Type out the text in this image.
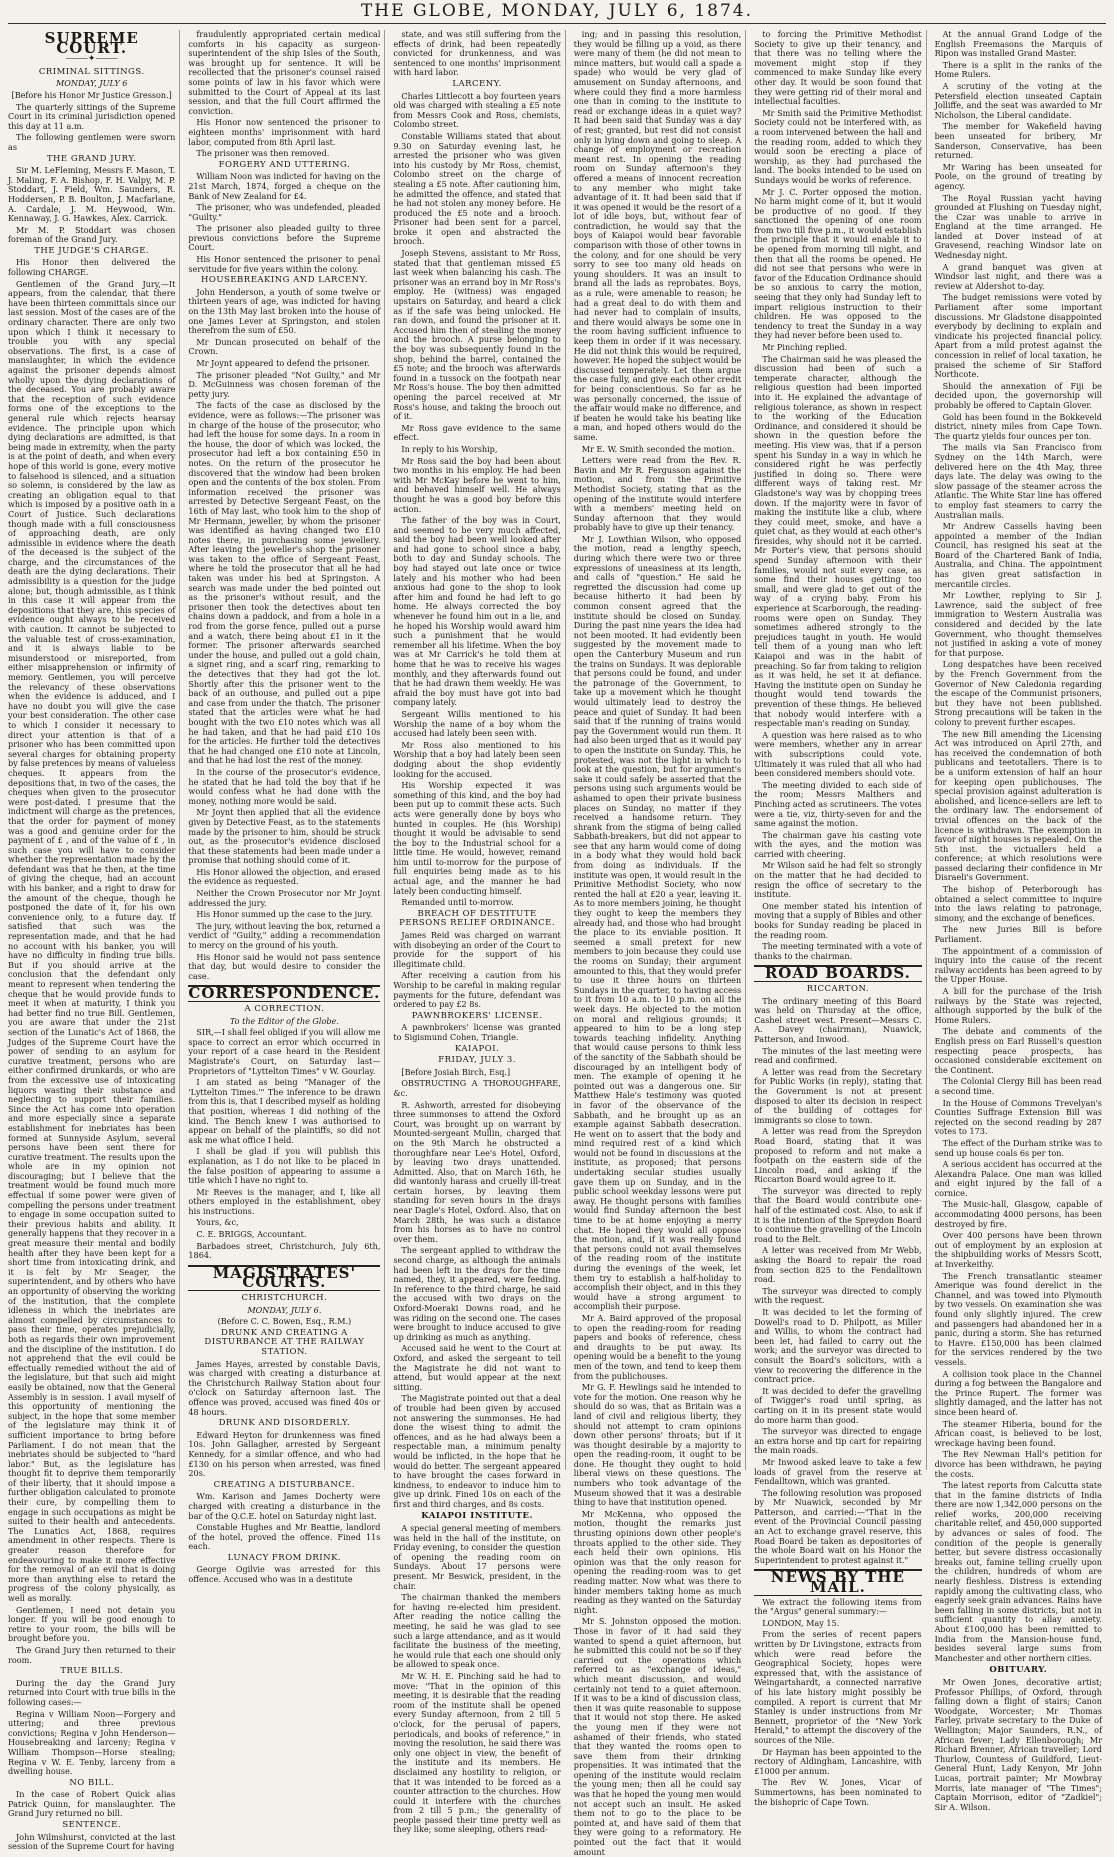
THE GLOBE, MONDAY, JULY 6, 1874.
SUPREME COURT.
⸻✦⸻
CRIMINAL SITTINGS.
MONDAY, JULY 6
[Before his Honor Mr Justice Gresson.]

The quarterly sittings of the Supreme Court in its criminal jurisdiction opened this day at 11 a.m.

The following gentlemen were sworn as

THE GRAND JURY.

Sir M. LeFleming, Messrs F. Mason, T. J. Maling, F. A. Bishop, F. H. Valpy, M. P. Stoddart, J. Field, Wm. Saunders, R. Hoddersen, P. B. Boulton, J. Macfarlane, A. Cardale, J. M. Heywood, Wm. Kennaway, J. G. Hawkes, Alex. Carrick.

Mr M. P. Stoddart was chosen foreman of the Grand Jury.

THE JUDGE'S CHARGE.

His Honor then delivered the following CHARGE.

Gentlemen of the Grand Jury,—It appears, from the calendar, that there have been thirteen committals since our last session. Most of the cases are of the ordinary character. There are only two upon which I think it necessary to trouble you with any special observations. The first, is a case of manslaughter, in which the evidence against the prisoner depends almost wholly upon the dying declarations of the deceased. You are probably aware that the reception of such evidence forms one of the exceptions to the general rule which rejects hearsay evidence. The principle upon which dying declarations are admitted, is that being made in extremity, when the party is at the point of death, and when every hope of this world is gone, every motive to falsehood is silenced, and a situation so solemn, is considered by the law as creating an obligation equal to that which is imposed by a positive oath in a Court of Justice. Such declarations though made with a full consciousness of approaching death, are only admissible in evidence where the death of the deceased is the subject of the charge, and the circumstances of the death are the dying declarations. Their admissibility is a question for the judge alone; but, though admissible, as I think in this case it will appear from the depositions that they are, this species of evidence ought always to be received with caution. It cannot be subjected to the valuable test of cross-examination, and it is always liable to be misunderstood or misreported, from either misapprehension or infirmity of memory. Gentlemen, you will perceive the relevancy of these observations when the evidence is adduced, and I have no doubt you will give the case your best consideration. The other case to which I consider it necessary to direct your attention is that of a prisoner who has been committed upon several charges for obtaining property by false pretences by means of valueless cheques. It appears from the depositions that, in two of the cases, the cheques when given to the prosecutor were post-dated. I presume that the indictment will charge as the pretences, that the order for payment of money was a good and genuine order for the payment of £ , and of the value of £ , in such case you will have to consider whether the representation made by the defendant was that he then, at the time of giving the cheque, had an account with his banker, and a right to draw for the amount of the cheque, though he postponed the date of it, for his own convenience only, to a future day. If satisfied that such was the representation made, and that he had no account with his banker, you will have no difficulty in finding true bills. But if you should arrive at the conclusion that the defendant only meant to represent when tendering the cheque that he would provide funds to meet it when at maturity, I think you had better find no true Bill. Gentlemen, you are aware that under the 21st section of the Lunatic's Act of 1868, the Judges of the Supreme Court have the power of sending to an asylum for curative treatment, persons who are either confirmed drunkards, or who are from the excessive use of intoxicating liquors wasting their substance and neglecting to support their families. Since the Act has come into operation and more especially since a separate establishment for inebriates has been formed at Sunnyside Asylum, several persons have been sent there for curative treatment. The results upon the whole are in my opinion not discouraging; but I believe that the treatment would be found much more effectual if some power were given of compelling the persons under treatment to engage in some occupation suited to their previous habits and ability. It generally happens that they recover in a great measure their mental and bodily health after they have been kept for a short time from intoxicating drink, and it is felt by Mr Seager, the superintendent, and by others who have an opportunity of observing the working of the institution, that the complete idleness in which the inebriates are almost compelled by circumstances to pass their time, operates prejudicially, both as regards their own improvement and the discipline of the institution. I do not apprehend that the evil could be effectually remedied without the aid of the legislature, but that such aid might easily be obtained, now that the General Assembly is in session. I avail myself of this opportunity of mentioning the subject, in the hope that some member of the legislature may think it of sufficient importance to bring before Parliament. I do not mean that the inebriates should be subjected to "hard labor." But, as the legislature has thought fit to deprive them temporarily of their liberty, that it should impose a further obligation calculated to promote their cure, by compelling them to engage in such occupations as might be suited to their health and antecedents. The Lunatics Act, 1868, requires amendment in other respects. There is greater reason therefore for endeavouring to make it more effective for the removal of an evil that is doing more than anything else to retard the progress of the colony physically, as well as morally.

Gentlemen, I need not detain you longer. If you will be good enough to retire to your room, the bills will be brought before you.

The Grand Jury then returned to their room.

TRUE BILLS.

During the day the Grand Jury returned into Court with true bills in the following cases:—

Regina v William Noon—Forgery and uttering; and three previous convictions; Regina v John Henderson—Housebreaking and larceny; Regina v William Thompson—Horse stealing; Regina v W. E. Tenby, larceny from a dwelling house.

NO BILL.

In the case of Robert Quick alias Patrick Quinn, for manslaughter. The Grand Jury returned no bill.

SENTENCE.

John Wilmshurst, convicted at the last session of the Supreme Court for having

fraudulently appropriated certain medical comforts in his capacity as surgeon-superintendent of the ship Isles of the South, was brought up for sentence. It will be recollected that the prisoner's counsel raised some points of law in his favor which were submitted to the Court of Appeal at its last session, and that the full Court affirmed the conviction.

His Honor now sentenced the prisoner to eighteen months' imprisonment with hard labor, computed from 8th April last.

The prisoner was then removed.

FORGERY AND UTTERING.

William Noon was indicted for having on the 21st March, 1874, forged a cheque on the Bank of New Zealand for £4.

The prisoner, who was undefended, pleaded "Guilty."

The prisoner also pleaded guilty to three previous convictions before the Supreme Court.

His Honor sentenced the prisoner to penal servitude for five years within the colony.

HOUSEBREAKING AND LARCENY.

John Henderson, a youth of some twelve or thirteen years of age, was indicted for having on the 13th May last broken into the house of one James Lever at Springston, and stolen therefrom the sum of £50.

Mr Duncan prosecuted on behalf of the Crown.

Mr Joynt appeared to defend the prisoner.

The prisoner pleaded "Not Guilty," and Mr D. McGuinness was chosen foreman of the petty jury.

The facts of the case as disclosed by the evidence, were as follows:—The prisoner was in charge of the house of the prosecutor, who had left the house for some days. In a room in the house, the door of which was locked, the prosecutor had left a box containing £50 in notes. On the return of the prosecutor he discovered that the window had been broken open and the contents of the box stolen. From information received the prisoner was arrested by Detective Sergeant Feast, on the 16th of May last, who took him to the shop of Mr Hermann, jeweller, by whom the prisoner was identified as having changed two £10 notes there, in purchasing some jewellery. After leaving the jeweller's shop the prisoner was taken to the office of Sergeant Feast, where he told the prosecutor that all he had taken was under his bed at Springston. A search was made under the bed pointed out as the prisoner's without result, and the prisoner then took the detectives about ten chains down a paddock, and from a hole in a rod from the gorse fence, pulled out a purse and a watch, there being about £1 in it the former. The prisoner afterwards searched under the house, and pulled out a gold chain, a signet ring, and a scarf ring, remarking to the detectives that they had got the lot. Shortly after this the prisoner went to the back of an outhouse, and pulled out a pipe and case from under the thatch. The prisoner stated that the articles were what he had bought with the two £10 notes which was all he had taken, and that he had paid £10 10s for the articles. He further told the detectives that he had changed one £10 note at Lincoln, and that he had lost the rest of the money.

In the course of the prosecutor's evidence, he stated that he had told the boy that if he would confess what he had done with the money, nothing more would be said.

Mr Joynt then applied that all the evidence given by Detective Feast, as to the statements made by the prisoner to him, should be struck out, as the prosecutor's evidence disclosed that these statements had been made under a promise that nothing should come of it.

His Honor allowed the objection, and erased the evidence as requested.

Neither the Crown Prosecutor nor Mr Joynt addressed the jury.

His Honor summed up the case to the jury.

The jury, without leaving the box, returned a verdict of "Guilty," adding a recommendation to mercy on the ground of his youth.

His Honor said he would not pass sentence that day, but would desire to consider the case.

CORRESPONDENCE.
A CORRECTION.
To the Editor of the Globe.

SIR,—I shall feel obliged if you will allow me space to correct an error which occurred in your report of a case heard in the Resident Magistrate's Court, on Saturday last—Proprietors of "Lyttelton Times" v W. Gourlay.

I am stated as being "Manager of the 'Lyttelton Times.'" The inference to be drawn from this is, that I described myself as holding that position, whereas I did nothing of the kind. The Bench knew I was authorised to appear on behalf of the plaintiffs, so did not ask me what office I held.

I shall be glad if you will publish this explanation, as I do not like to be placed in the false position of appearing to assume a title which I have no right to.

Mr Reeves is the manager, and I, like all others employed in the establishment, obey his instructions.

Yours, &c,

C. E. BRIGGS, Accountant.

Barbadoes street, Christchurch, July 6th, 1864.

MAGISTRATES' COURTS.
CHRISTCHURCH.
MONDAY, JULY 6.
(Before C. C. Bowen, Esq., R.M.)

DRUNK AND CREATING A DISTURBANCE AT THE RAILWAY STATION.

James Hayes, arrested by constable Davis, was charged with creating a disturbance at the Christchurch Railway Station about four o'clock on Saturday afternoon last. The offence was proved, accused was fined 40s or 48 hours.

DRUNK AND DISORDERLY.

Edward Heyton for drunkenness was fined 10s. John Gallagher, arrested by Sergeant Kennedy, for a similar offence, and who had £130 on his person when arrested, was fined 20s.

CREATING A DISTURBANCE.

Wm. Karison and James Docherty were charged with creating a disturbance in the bar of the Q.C.E. hotel on Saturday night last.

Constable Hughes and Mr Beattie, landlord of the hotel, proved the offence. Fined 11s each.

LUNACY FROM DRINK.

George Ogilvie was arrested for this offence. Accused who was in a destitute

state, and was still suffering from the effects of drink, had been repeatedly convicted for drunkenness, and was sentenced to one months' imprisonment with hard labor.

LARCENY.

Charles Littlecott a boy fourteen years old was charged with stealing a £5 note from Messrs Cook and Ross, chemists, Colombo street.

Constable Williams stated that about 9.30 on Saturday evening last, he arrested the prisoner who was given into his custody by Mr Ross, chemist, Colombo street on the charge of stealing a £5 note. After cautioning him, he admitted the offence, and stated that he had not stolen any money before. He produced the £5 note and a brooch. Prisoner had been sent for a parcel, broke it open and abstracted the brooch.

Joseph Stevens, assistant to Mr Ross, stated that that gentleman missed £5 last week when balancing his cash. The prisoner was an errand boy in Mr Ross's employ. He (witness) was engaged upstairs on Saturday, and heard a click as if the safe was being unlocked. He ran down, and found the prisoner at it. Accused him then of stealing the money and the brooch. A purse belonging to the boy was subsequently found in the shop, behind the barrel, contained the £5 note; and the brooch was afterwards found in a tussock on the footpath near Mr Ross's house. The boy then admitted opening the parcel received at Mr Ross's house, and taking the brooch out of it.

Mr Ross gave evidence to the same effect.

In reply to his Worship,

Mr Ross said the boy had been about two months in his employ. He had been with Mr McKay before he went to him, and behaved himself well. He always thought he was a good boy before this action.

The father of the boy was in Court, and seemed to be very much affected, said the boy had been well looked after and had gone to school since a baby, both to day and Sunday schools. The boy had stayed out late once or twice lately and his mother who had been anxious had gone to the shop to look after him and found he had left to go home. He always corrected the boy whenever he found him out in a lie, and he hoped his Worship would award him such a punishment that he would remember all his lifetime. When the boy was at Mr Carrick's he told them at home that he was to receive his wages monthly, and they afterwards found out that he had drawn them weekly. He was afraid the boy must have got into bad company lately.

Sergeant Willis mentioned to his Worship the name of a boy whom the accused had lately been seen with.

Mr Ross also mentioned to his Worship that a boy had lately been seen dodging about the shop evidently looking for the accused.

His Worship expected it was something of this kind, and the boy had been put up to commit these acts. Such acts were generally done by boys who hunted in couples. He (his Worship) thought it would be advisable to send the boy to the Industrial school for a little time. He would, however, remand him until to-morrow for the purpose of full enquiries being made as to his actual age, and the manner he had lately been conducting himself.

Remanded until to-morrow.

BREACH OF DESTITUTE PERSONS RELIEF ORDINANCE.

James Reid was charged on warrant with disobeying an order of the Court to provide for the support of his illegitimate child.

After receiving a caution from his Worship to be careful in making regular payments for the future, defendant was ordered to pay £2 8s.

PAWNBROKERS' LICENSE.

A pawnbrokers' license was granted to Sigismund Cohen, Triangle.

KAIAPOI.

FRIDAY, JULY 3.

[Before Josiah Birch, Esq.]

OBSTRUCTING A THOROUGHFARE, &c.

R. Ashworth, arrested for disobeying three summonses to attend the Oxford Court, was brought up on warrant by Mounted-sergeant Mullin, charged that on the 9th March he obstructed a thoroughfare near Lee's Hotel, Oxford, by leaving two drays unattended. Admitted. Also, that on March 16th, he did wantonly harass and cruelly ill-treat certain horses, by leaving them standing for seven hours in the drays near Dagle's Hotel, Oxford. Also, that on March 28th, he was such a distance from his horses as to have no control over them.

The sergeant applied to withdraw the second charge, as although the animals had been left in the drays for the time named, they, it appeared, were feeding. In reference to the third charge, he said the accused with two drays on the Oxford-Moeraki Downs road, and he was riding on the second one. The cases were brought to induce accused to give up drinking as much as anything.

Accused said he went to the Court at Oxford, and asked the sergeant to tell the Magistrate he did not want to attend, but would appear at the next sitting.

The Magistrate pointed out that a deal of trouble had been given by accused not answering the summonses. He had done the wisest thing to admit the offences, and as he had always been a respectable man, a minimum penalty would be inflicted, in the hope that he would do better. The sergeant appeared to have brought the cases forward in kindness, to endeavor to induce him to give up drink. Fined 10s on each of the first and third charges, and 8s costs.

KAIAPOI INSTITUTE.

A special general meeting of members was held in the hall of the institute, on Friday evening, to consider the question of opening the reading room on Sundays. About 17 persons were present. Mr Beswick, president, in the chair.

The chairman thanked the members for having re-elected him president. After reading the notice calling the meeting, he said he was glad to see such a large attendance, and as it would facilitate the business of the meeting, he would rule that each one should only be allowed to speak once.

Mr W. H. E. Pinching said he had to move: "That in the opinion of this meeting, it is desirable that the reading room of the institute shall be opened every Sunday afternoon, from 2 till 5 o'clock, for the perusal of papers, periodicals, and books of reference," in moving the resolution, he said there was only one object in view, the benefit of the institute and its members. He disclaimed any hostility to religion, or that it was intended to be forced as a counter attraction to the churches. How could it interfere with the churches from 2 till 5 p.m.; the generality of people passed their time pretty well as they like; some sleeping, others read-

ing; and in passing this resolution, they would be filling up a void, as there were many of them (he did not mean to mince matters, but would call a spade a spade) who would be very glad of amusement on Sunday afternoons, and where could they find a more harmless one than in coming to the institute to read or exchange ideas in a quiet way? It had been said that Sunday was a day of rest; granted, but rest did not consist only in lying down and going to sleep. A change of employment or recreation meant rest. In opening the reading room on Sunday afternoon's they offered a means of innocent recreation to any member who might take advantage of it. It had been said that if it was opened it would be the resort of a lot of idle boys, but, without fear of contradiction, he would say that the boys of Kaiapoi would bear favorable comparison with those of other towns in the colony, and for one should be very sorry to see too many old heads on young shoulders. It was an insult to brand all the lads as reprobates. Boys, as a rule, were amenable to reason; he had a great deal to do with them and had never had to complain of insults, and there would always be some one in the room having sufficient influence to keep them in order if it was necessary. He did not think this would be required, however. He hoped the subject would be discussed temperately. Let them argue the case fully, and give each other credit for being conscientious. So far as he was personally concerned, the issue of the affair would make no difference, and if beaten he would take his beating like a man, and hoped others would do the same.

Mr E. W. Smith seconded the motion.

Letters were read from the Rev. R. Bavin and Mr R. Fergusson against the motion, and from the Primitive Methodist Society, stating that as the opening of the institute would interfere with a members' meeting held on Sunday afternoon that they would probably have to give up their tenancy.

Mr J. Lowthian Wilson, who opposed the motion, read a lengthy speech, during which there were two or three expressions of uneasiness at its length, and calls of "question." He said he regretted the discussion had come up because hitherto it had been by common consent agreed that the institute should be closed on Sunday. During the past nine years the idea had not been mooted. It had evidently been suggested by the movement made to open the Canterbury Museum and run the trains on Sundays. It was deplorable that persons could be found, and under the patronage of the Government, to take up a movement which he thought would ultimately lead to destroy the peace and quiet of Sunday. It had been said that if the running of trains would pay the Government would run them. It had also been urged that as it would pay to open the institute on Sunday. This, he protested, was not the light in which to look at the question, but for argument's sake it could safely be asserted that the persons using such arguments would be ashamed to open their private business places on Sunday, no matter if they received a handsome return. They shrank from the stigma of being called Sabbath-breakers, but did not appear to see that any harm would come of doing in a body what they would hold back from doing as individuals. If the institute was open, it would result in the Primitive Methodist Society, who now rented the hall at £20 a year, leaving it. As to more members joining, he thought they ought to keep the members they already had, and those who had brought the place to its enviable position. It seemed a small pretext for new members to join because they could use the rooms on Sunday; their argument amounted to this, that they would prefer to use it three hours on thirteen Sundays in the quarter, to having access to it from 10 a.m. to 10 p.m. on all the week days. He objected to the motion on moral and religious grounds; it appeared to him to be a long step towards teaching infidelity. Anything that would cause persons to think less of the sanctity of the Sabbath should be discouraged by an intelligent body of men. The example of opening it he pointed out was a dangerous one. Sir Matthew Hale's testimony was quoted in favor of the observance of the Sabbath, and he brought up as an example against Sabbath desecration. He went on to assert that the body and mind required rest of a kind which would not be found in discussions at the institute, as proposed; that persons undertaking secular studies usually gave them up on Sunday, and in the public school weekday lessons were put away. He thought persons with families would find Sunday afternoon the best time to be at home enjoying a merry chat. He hoped they would all oppose the motion, and, if it was really found that persons could not avail themselves of the reading room of the institute during the evenings of the week, let them try to establish a half-holiday to accomplish their object, and in this they would have a strong argument to accomplish their purpose.

Mr A. Baird approved of the proposal to open the reading-room for reading papers and books of reference, chess and draughts to be put away. Its opening would be a benefit to the young men of the town, and tend to keep them from the publichouses.

Mr G. F. Hewlings said he intended to vote for the motion. One reason why he should do so was, that as Britain was a land of civil and religious liberty, they should not attempt to cram opinions down other persons' throats; but if it was thought desirable by a majority to open the reading-room, it ought to be done. He thought they ought to hold liberal views on these questions. The numbers who took advantage of the Museum showed that it was a desirable thing to have that institution opened.

Mr McKenna, who opposed the motion, thought the remarks just thrusting opinions down other people's throats applied to the other side. They each held their own opinions. His opinion was that the only reason for opening the reading-room was to get reading matter. Now what was there to hinder members taking home as much reading as they wanted on the Saturday night.

Mr S. Johnston opposed the motion. Those in favor of it had said they wanted to spend a quiet afternoon, but he submitted this could not be so if they carried out the operations which referred to as "exchange of ideas," which meant discussion, and would certainly not tend to a quiet afternoon. If it was to be a kind of discussion class, then it was quite reasonable to suppose that it would not stop there. He asked the young men if they were not ashamed of their friends, who stated that they wanted the rooms open to save them from their drinking propensities. It was intimated that the opening of the institute would reclaim the young men; then all he could say was that he hoped the young men would not accept such an insult. He asked them not to go to the place to be pointed at, and have said of them that they were going to a reformatory. He pointed out the fact that it would amount

to forcing the Primitive Methodist Society to give up their tenancy, and that there was no telling where the movement might stop if they commenced to make Sunday like every other day. It would be soon found that they were getting rid of their moral and intellectual faculties.

Mr Smith said the Primitive Methodist Society could not be interfered with, as a room intervened between the hall and the reading room, added to which they would soon be erecting a place of worship, as they had purchased the land. The books intended to be used on Sundays would be works of reference.

Mr J. C. Porter opposed the motion. No harm might come of it, but it would be productive of no good. If they sanctioned the opening of one room from two till five p.m., it would establish the principle that it would enable it to be opened from morning till night, and then that all the rooms be opened. He did not see that persons who were in favor of the Education Ordinance should be so anxious to carry the motion, seeing that they only had Sunday left to impart religious instruction to their children. He was opposed to the tendency to treat the Sunday in a way they had never before been used to.

Mr Pinching replied.

The Chairman said he was pleased the discussion had been of such a temperate character, although the religious question had been imported into it. He explained the advantage of religious tolerance, as shown in respect to the working of the Education Ordinance, and considered it should be shown in the question before the meeting. His view was, that if a person spent his Sunday in a way in which he considered right he was perfectly justified in doing so. There were different ways of taking rest. Mr Gladstone's way was by chopping trees down. If the majority were in favor of making the institute like a club, where they could meet, smoke, and have a quiet chat, as they would at each other's firesides, why should not it be carried. Mr Porter's view, that persons should spend Sunday afternoon with their families, would not suit every case, as some find their houses getting too small, and were glad to get out of the way of a crying baby. From his experience at Scarborough, the reading-rooms were open on Sunday. They sometimes adhered strongly to the prejudices taught in youth. He would tell them of a young man who left Kaiapoi and was in the habit of preaching. So far from taking to religion as it was held, he set it at defiance. Having the institute open on Sunday he thought would tend towards the prevention of these things. He believed that nobody would interfere with a respectable man's reading on Sunday.

A question was here raised as to who were members, whether any in arrear with subscriptions could vote. Ultimately it was ruled that all who had been considered members should vote.

The meeting divided to each side of the room; Messrs Malthers and Pinching acted as scrutineers. The votes were a tie, viz, thirty-seven for and the same against the motion.

The chairman gave his casting vote with the ayes, and the motion was carried with cheering.

Mr Wilson said he had felt so strongly on the matter that he had decided to resign the office of secretary to the institute.

One member stated his intention of moving that a supply of Bibles and other books for Sunday reading be placed in the reading room.

The meeting terminated with a vote of thanks to the chairman.

ROAD BOARDS.
RICCARTON.

The ordinary meeting of this Board was held on Thursday at the office, Cashel street west. Present—Messrs C. A. Davey (chairman), Nuawick, Patterson, and Inwood.

The minutes of the last meeting were read and confirmed.

A letter was read from the Secretary for Public Works (in reply), stating that the Government is not at present disposed to alter its decision in respect of the building of cottages for immigrants so close to town.

A letter was read from the Spreydon Road Board, stating that it was proposed to reform and not make a footpath on the eastern side of the Lincoln road, and asking if the Riccarton Board would agree to it.

The surveyor was directed to reply that the Board would contribute one-half of the estimated cost. Also, to ask if it is the intention of the Spreydon Board to continue the gravelling of the Lincoln road to the Belt.

A letter was received from Mr Webb, asking the Board to repair the road from section 825 to the Fendalltown road.

The surveyor was directed to comply with the request.

It was decided to let the forming of Dowell's road to D. Philpott, as Miller and Willis, to whom the contract had been let, had failed to carry out the work; and the surveyor was directed to consult the Board's solicitors, with a view to recovering the difference in the contract price.

It was decided to defer the gravelling of Twigger's road until spring, as carting on it in its present state would do more harm than good.

The surveyor was directed to engage an extra horse and tip cart for repairing the main roads.

Mr Inwood asked leave to take a few loads of gravel from the reserve at Fendalltown, which was granted.

The following resolution was proposed by Mr Nuawick, seconded by Mr Patterson, and carried:—"That in the event of the Provincial Council passing an Act to exchange gravel reserve, this Road Board be taken as depositories of the whole Board wait on his Honor the Superintendent to protest against it."

NEWS BY THE MAIL.

We extract the following items from the "Argus" general summary:—

LONDON, May 15.

From the series of recent papers written by Dr Livingstone, extracts from which were read before the Geographical Society, hopes were expressed that, with the assistance of Weingartshardt, a connected narrative of his late history might possibly be compiled. A report is current that Mr Stanley is under instructions from Mr Bennett, proprietor of the "New York Herald," to attempt the discovery of the sources of the Nile.

Dr Hayman has been appointed to the rectory of Aldingham, Lancashire, with £1000 per annum.

The Rev W. Jones, Vicar of Summertowns, has been nominated to the bishopric of Cape Town.

At the annual Grand Lodge of the English Freemasons the Marquis of Ripon was installed Grand Master.

There is a split in the ranks of the Home Rulers.

A scrutiny of the voting at the Petersfield election unseated Captain Jolliffe, and the seat was awarded to Mr Nicholson, the Liberal candidate.

The member for Wakefield having been unseated for bribery, Mr Sanderson, Conservative, has been returned.

Mr Waring has been unseated for Poole, on the ground of treating by agency.

The Royal Russian yacht having grounded at Flushing on Tuesday night, the Czar was unable to arrive in England at the time arranged. He landed at Dover instead of at Gravesend, reaching Windsor late on Wednesday night.

A grand banquet was given at Windsor last night, and there was a review at Aldershot to-day.

The budget remissions were voted by Parliament after some important discussions. Mr Gladstone disappointed everybody by declining to explain and vindicate his projected financial policy. Apart from a mild protest against the concession in relief of local taxation, he praised the scheme of Sir Stafford Northcote.

Should the annexation of Fiji be decided upon, the governorship will probably be offered to Captain Glover.

Gold has been found in the Bokkeveld district, ninety miles from Cape Town. The quartz yields four ounces per ton.

The mails via San Francisco from Sydney on the 14th March, were delivered here on the 4th May, three days late. The delay was owing to the slow passage of the steamer across the Atlantic. The White Star line has offered to employ fast steamers to carry the Australian mails.

Mr Andrew Cassells having been appointed a member of the Indian Council, has resigned his seat at the Board of the Chartered Bank of India, Australia, and China. The appointment has given great satisfaction in mercantile circles.

Mr Lowther, replying to Sir J. Lawrence, said the subject of free immigration to Western Australia was considered and decided by the late Government, who thought themselves not justified in asking a vote of money for that purpose.

Long despatches have been received by the French Government from the Governor of New Caledonia regarding the escape of the Communist prisoners, but they have not been published. Strong precautions will be taken in the colony to prevent further escapes.

The new Bill amending the Licensing Act was introduced on April 27th, and has received the condemnation of both publicans and teetotallers. There is to be a uniform extension of half an hour for keeping open publichouses. The special provision against adulteration is abolished, and licence-sellers are left to the ordinary law. The endorsement of trivial offences on the back of the licence is withdrawn. The exemption in favor of night houses is repealed. On the 5th inst. the victuallers held a conference; at which resolutions were passed declaring their confidence in Mr Disraeli's Government.

The bishop of Peterborough has obtained a select committee to inquire into the laws relating to patronage, simony, and the exchange of benefices.

The new Juries Bill is before Parliament.

The appointment of a commission of inquiry into the cause of the recent railway accidents has been agreed to by the Upper House.

A bill for the purchase of the Irish railways by the State was rejected, although supported by the bulk of the Home Rulers.

The debate and comments of the English press on Earl Russell's question respecting peace prospects, has occasioned considerable excitement on the Continent.

The Colonial Clergy Bill has been read a second time.

In the House of Commons Trevelyan's Counties Suffrage Extension Bill was rejected on the second reading by 287 votes to 173.

The effect of the Durham strike was to send up house coals 6s per ton.

A serious accident has occurred at the Alexandra Palace. One man was killed and eight injured by the fall of a cornice.

The Music-hall, Glasgow, capable of accommodating 4000 persons, has been destroyed by fire.

Over 400 persons have been thrown out of employment by an explosion at the shipbuilding works of Messrs Scott, at Inverkeithy.

The French transatlantic steamer Amerique was found derelict in the Channel, and was towed into Plymouth by two vessels. On examination she was found only slightly injured. The crew and passengers had abandoned her in a panic, during a storm. She has returned to Havre. £150,000 has been claimed for the services rendered by the two vessels.

A collision took place in the Channel during a fog between the Bangalore and the Prince Rupert. The former was slightly damaged, and the latter has not since been heard of.

The steamer Hiberia, bound for the African coast, is believed to be lost, wreckage having been found.

The Rev Newman Hall's petition for divorce has been withdrawn, he paying the costs.

The latest reports from Calcutta state that in the famine districts of India there are now 1,342,000 persons on the relief works, 200,000 receiving charitable relief, and 450,000 supported by advances or sales of food. The condition of the people is generally better, but severe distress occasionally breaks out, famine telling cruelly upon the children, hundreds of whom are nearly fleshless. Distress is extending rapidly among the cultivating class, who eagerly seek grain advances. Rains have been falling in some districts, but not in sufficient quantity to allay anxiety. About £100,000 has been remitted to India from the Mansion-house fund, besides several large sums from Manchester and other northern cities.

OBITUARY.

Mr Owen Jones, decorative artist; Professor Phillips, of Oxford, through falling down a flight of stairs; Canon Woodgate, Worcester; Mr Thomas Farley, private secretary to the Duke of Wellington; Major Saunders, R.N., of African fever; Lady Ellenborough; Mr Richard Brenner, African traveller; Lord Thurlow, Countess of Guildford, Lieut-General Hunt, Lady Kenyon, Mr John Lucas, portrait painter; Mr Mowbray Morris, late manager of "The Times"; Captain Morrison, editor of "Zadkiel"; Sir A. Wilson.
